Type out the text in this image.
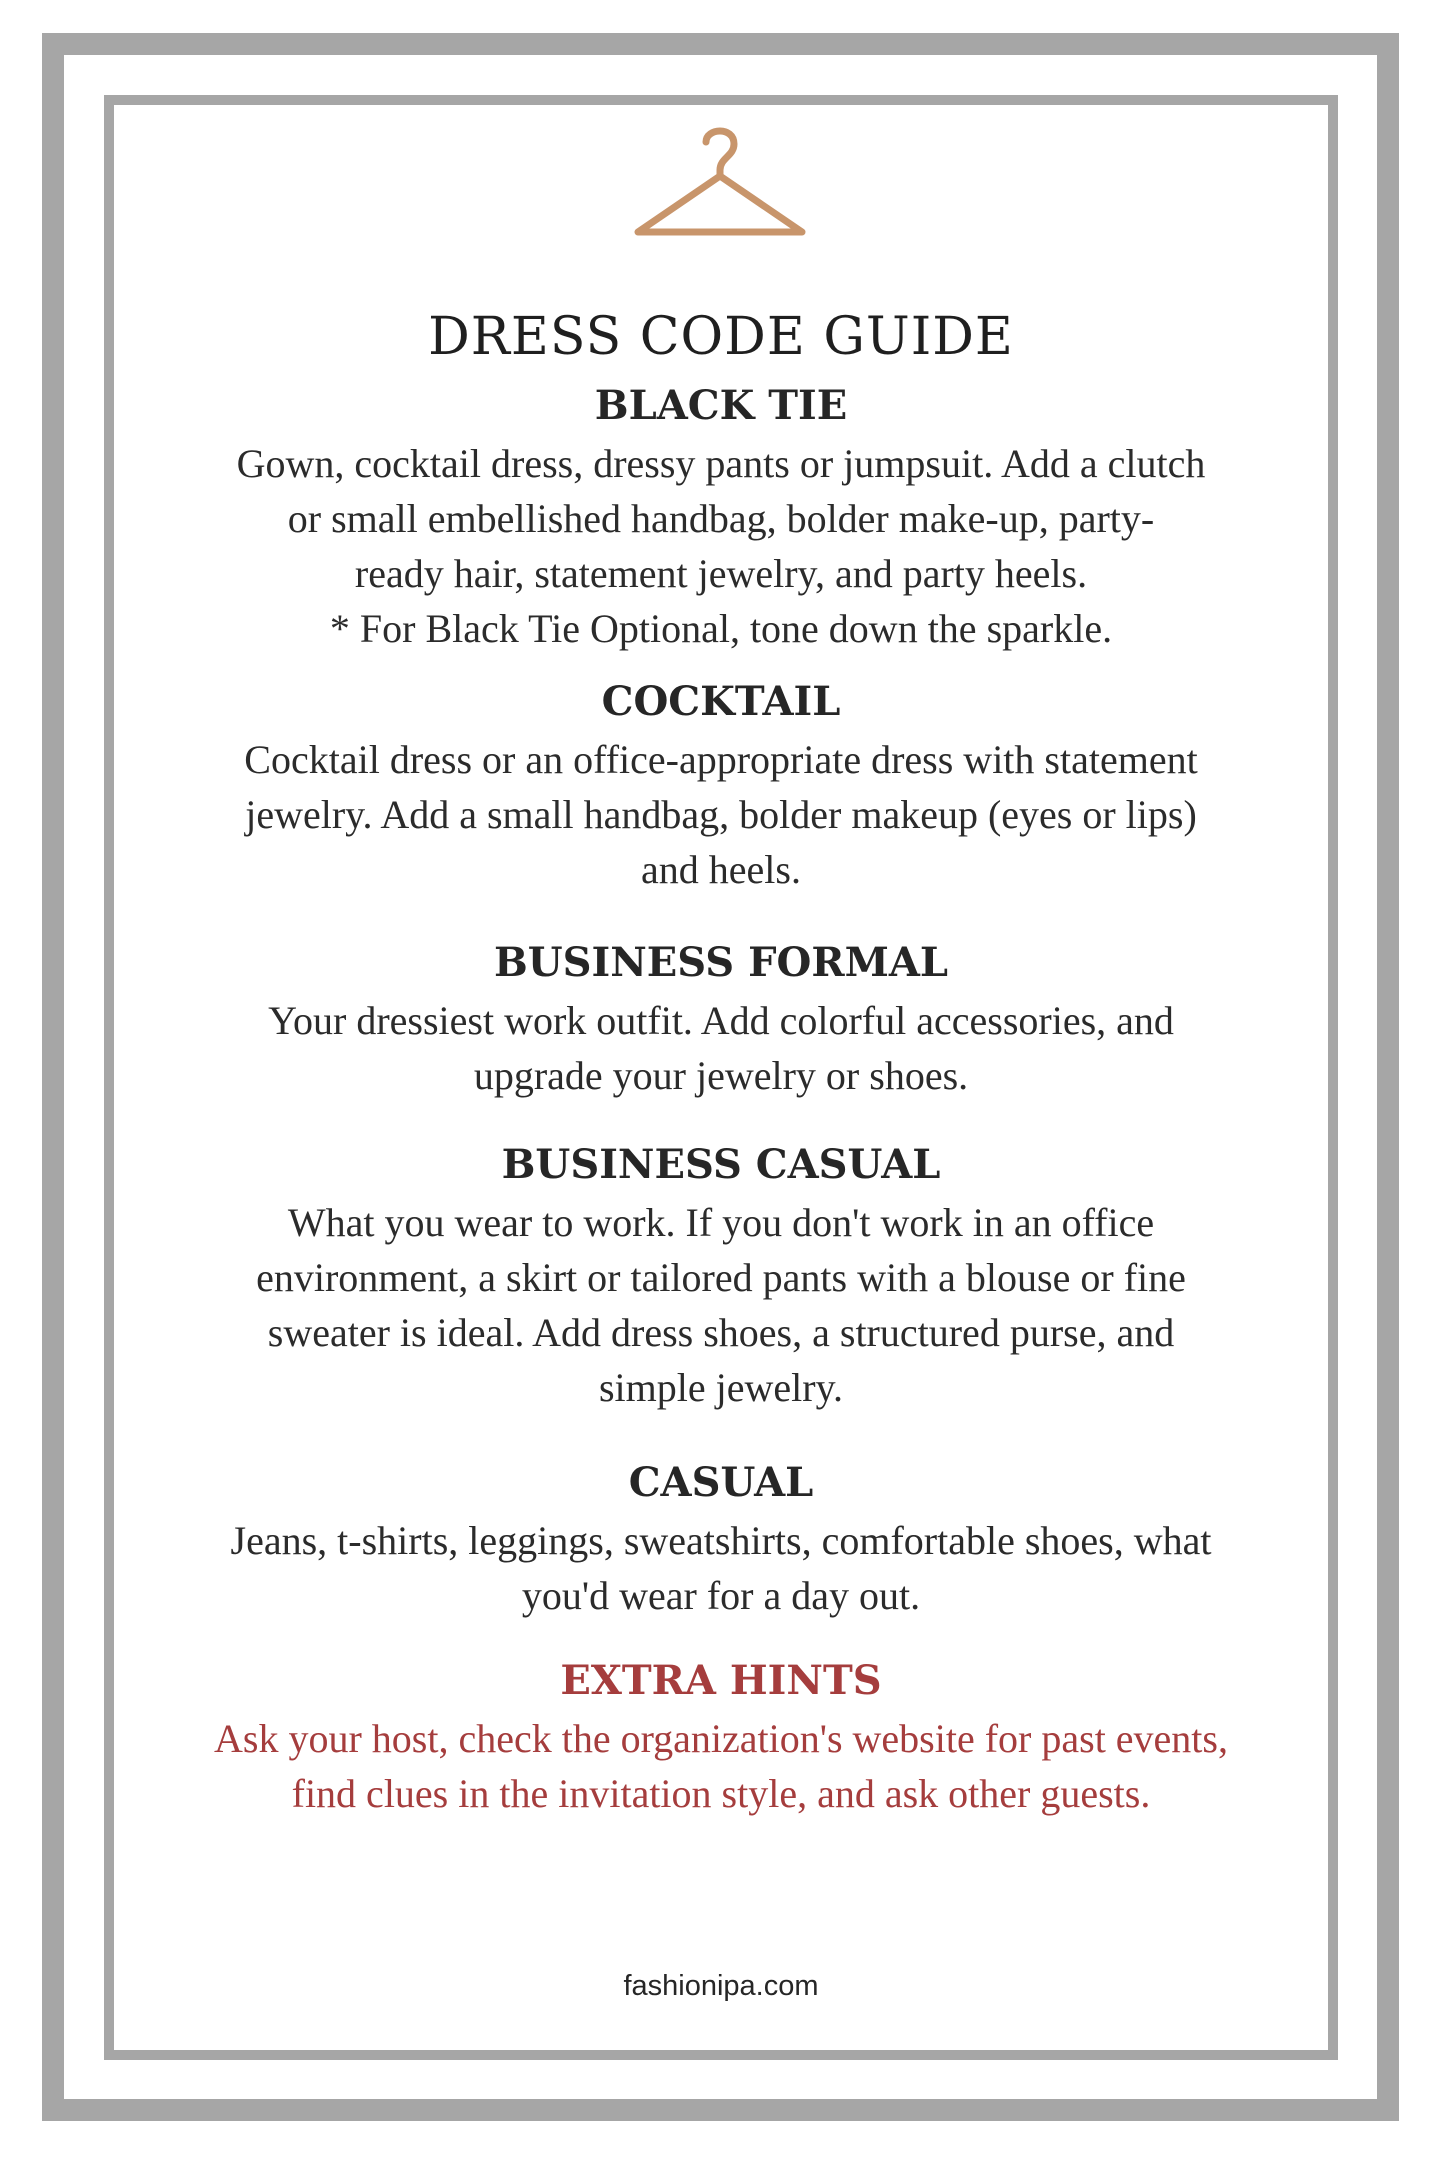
DRESS CODE GUIDE
BLACK TIE

Gown, cocktail dress, dressy pants or jumpsuit. Add a clutch
or small embellished handbag, bolder make-up, party-
ready hair, statement jewelry, and party heels.
* For Black Tie Optional, tone down the sparkle.

COCKTAIL

Cocktail dress or an office-appropriate dress with statement
jewelry. Add a small handbag, bolder makeup (eyes or lips)
and heels.

BUSINESS FORMAL

Your dressiest work outfit. Add colorful accessories, and
upgrade your jewelry or shoes.

BUSINESS CASUAL

What you wear to work. If you don't work in an office
environment, a skirt or tailored pants with a blouse or fine
sweater is ideal. Add dress shoes, a structured purse, and
simple jewelry.

CASUAL

Jeans, t-shirts, leggings, sweatshirts, comfortable shoes, what
you'd wear for a day out.

EXTRA HINTS

Ask your host, check the organization's website for past events,
find clues in the invitation style, and ask other guests.

fashionipa.com
